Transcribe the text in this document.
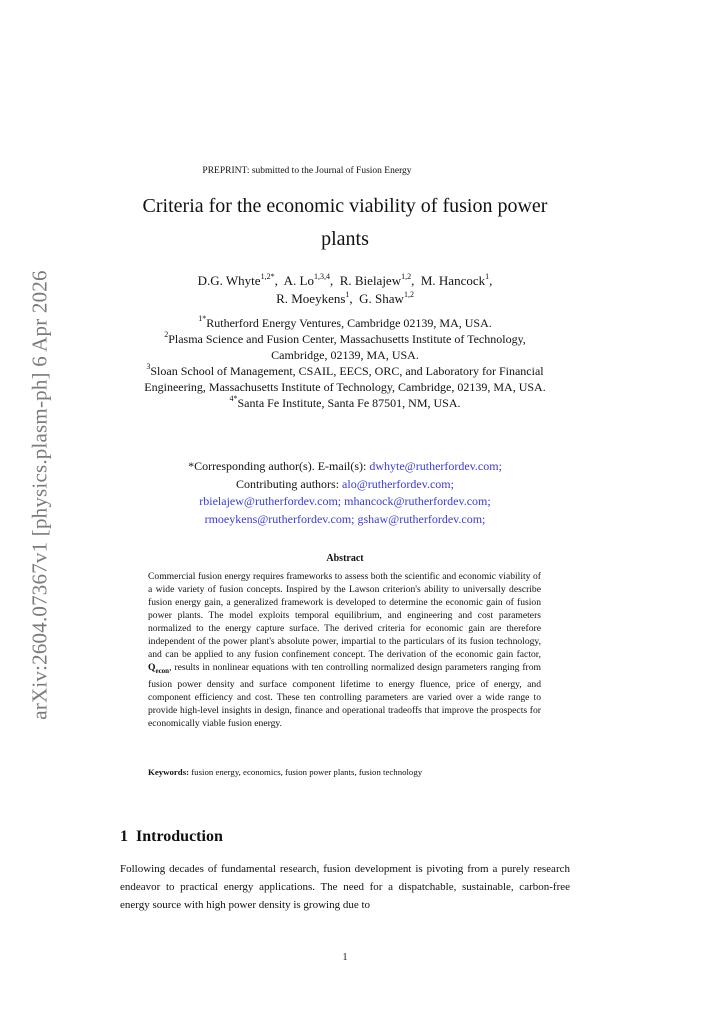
arXiv:2604.07367v1 [physics.plasm-ph] 6 Apr 2026
PREPRINT: submitted to the Journal of Fusion Energy
Criteria for the economic viability of fusion power plants
D.G. Whyte$^{1,2*}$,  A. Lo$^{1,3,4}$,  R. Bielajew$^{1,2}$,  M. Hancock$^1$,
R. Moeykens$^1$,  G. Shaw$^{1,2}$
$^{1*}$Rutherford Energy Ventures, Cambridge 02139, MA, USA.
$^2$Plasma Science and Fusion Center, Massachusetts Institute of Technology, Cambridge, 02139, MA, USA.
$^3$Sloan School of Management, CSAIL, EECS, ORC, and Laboratory for Financial Engineering, Massachusetts Institute of Technology, Cambridge, 02139, MA, USA.
$^{4*}$Santa Fe Institute, Santa Fe 87501, NM, USA.
*Corresponding author(s). E-mail(s): dwhyte@rutherfordev.com;
Contributing authors: alo@rutherfordev.com;
rbielajew@rutherfordev.com; mhancock@rutherfordev.com;
rmoeykens@rutherfordev.com; gshaw@rutherfordev.com;
Abstract
Commercial fusion energy requires frameworks to assess both the scientific and economic viability of a wide variety of fusion concepts. Inspired by the Lawson criterion's ability to universally describe fusion energy gain, a generalized framework is developed to determine the economic gain of fusion power plants. The model exploits temporal equilibrium, and engineering and cost parameters normalized to the energy capture surface. The derived criteria for economic gain are therefore independent of the power plant's absolute power, impartial to the particulars of its fusion technology, and can be applied to any fusion confinement concept. The derivation of the economic gain factor, $Q_{econ}$, results in nonlinear equations with ten controlling normalized design parameters ranging from fusion power density and surface component lifetime to energy fluence, price of energy, and component efficiency and cost. These ten controlling parameters are varied over a wide range to provide high-level insights in design, finance and operational tradeoffs that improve the prospects for economically viable fusion energy.
Keywords: fusion energy, economics, fusion power plants, fusion technology
1 Introduction
Following decades of fundamental research, fusion development is pivoting from a purely research endeavor to practical energy applications. The need for a dispatchable, sustainable, carbon-free energy source with high power density is growing due to
1
